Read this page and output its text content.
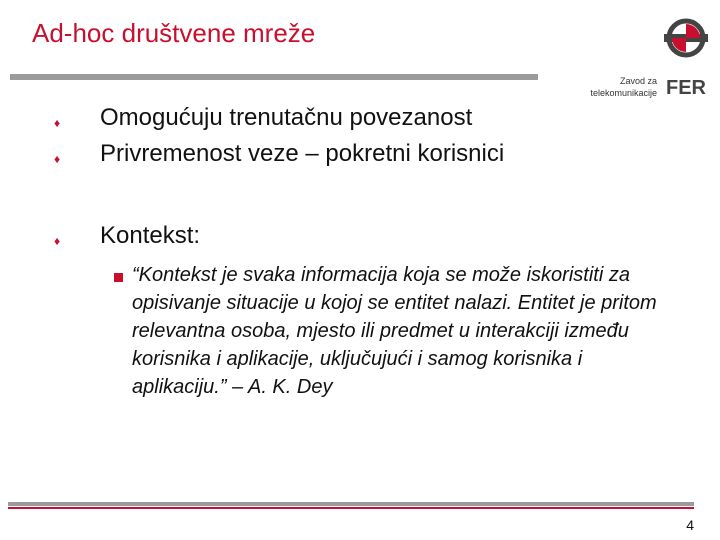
Ad-hoc društvene mreže
Zavod za
telekomunikacije FER
♦ Omogućuju trenutačnu povezanost
♦ Privremenost veze – pokretni korisnici
♦ Kontekst:
“Kontekst je svaka informacija koja se može iskoristiti za opisivanje situacije u kojoj se entitet nalazi. Entitet je pritom relevantna osoba, mjesto ili predmet u interakciji između korisnika i aplikacije, uključujući i samog korisnika i aplikaciju.” – A. K. Dey
4
